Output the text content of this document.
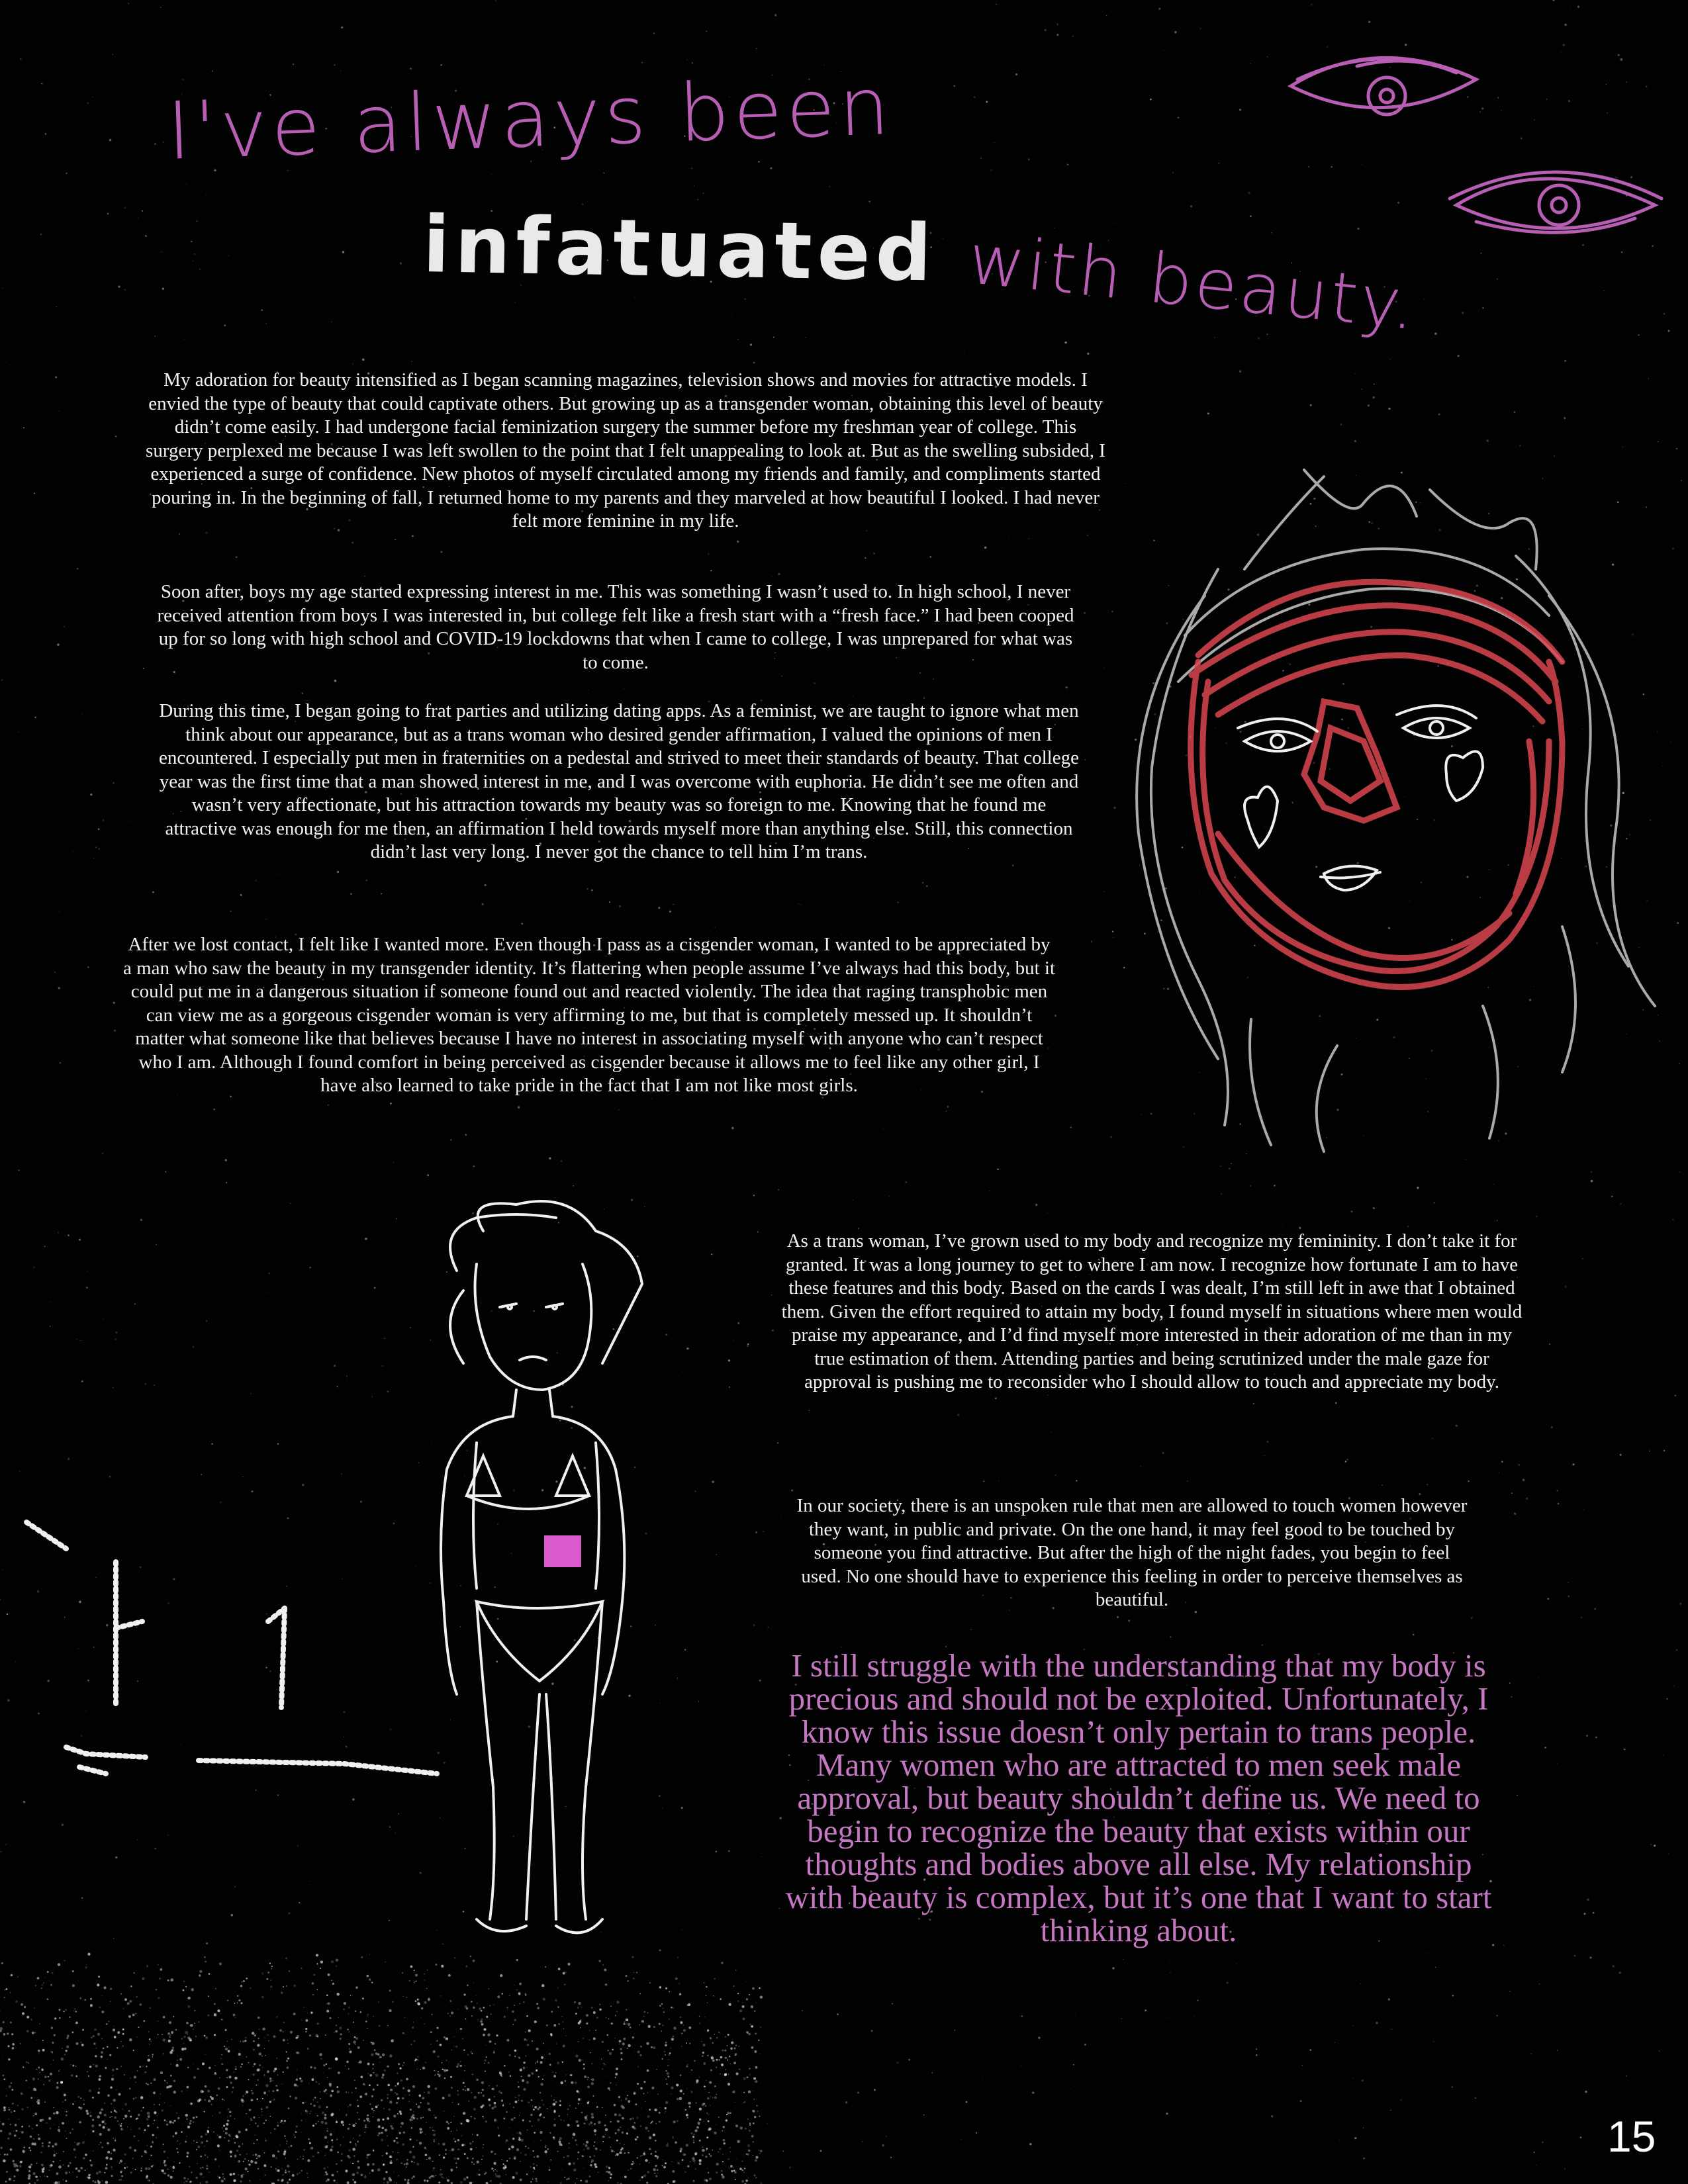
I've always been
infatuated with beauty.

My adoration for beauty intensified as I began scanning magazines, television shows and movies for attractive models. I envied the type of beauty that could captivate others. But growing up as a transgender woman, obtaining this level of beauty didn’t come easily. I had undergone facial feminization surgery the summer before my freshman year of college. This surgery perplexed me because I was left swollen to the point that I felt unappealing to look at. But as the swelling subsided, I experienced a surge of confidence. New photos of myself circulated among my friends and family, and compliments started pouring in. In the beginning of fall, I returned home to my parents and they marveled at how beautiful I looked. I had never felt more feminine in my life.

Soon after, boys my age started expressing interest in me. This was something I wasn’t used to. In high school, I never received attention from boys I was interested in, but college felt like a fresh start with a “fresh face.” I had been cooped up for so long with high school and COVID-19 lockdowns that when I came to college, I was unprepared for what was to come.

During this time, I began going to frat parties and utilizing dating apps. As a feminist, we are taught to ignore what men think about our appearance, but as a trans woman who desired gender affirmation, I valued the opinions of men I encountered. I especially put men in fraternities on a pedestal and strived to meet their standards of beauty. That college year was the first time that a man showed interest in me, and I was overcome with euphoria. He didn’t see me often and wasn’t very affectionate, but his attraction towards my beauty was so foreign to me. Knowing that he found me attractive was enough for me then, an affirmation I held towards myself more than anything else. Still, this connection didn’t last very long. I never got the chance to tell him I’m trans.

After we lost contact, I felt like I wanted more. Even though I pass as a cisgender woman, I wanted to be appreciated by a man who saw the beauty in my transgender identity. It’s flattering when people assume I’ve always had this body, but it could put me in a dangerous situation if someone found out and reacted violently. The idea that raging transphobic men can view me as a gorgeous cisgender woman is very affirming to me, but that is completely messed up. It shouldn’t matter what someone like that believes because I have no interest in associating myself with anyone who can’t respect who I am. Although I found comfort in being perceived as cisgender because it allows me to feel like any other girl, I have also learned to take pride in the fact that I am not like most girls.

As a trans woman, I’ve grown used to my body and recognize my femininity. I don’t take it for granted. It was a long journey to get to where I am now. I recognize how fortunate I am to have these features and this body. Based on the cards I was dealt, I’m still left in awe that I obtained them. Given the effort required to attain my body, I found myself in situations where men would praise my appearance, and I’d find myself more interested in their adoration of me than in my true estimation of them. Attending parties and being scrutinized under the male gaze for approval is pushing me to reconsider who I should allow to touch and appreciate my body.

In our society, there is an unspoken rule that men are allowed to touch women however they want, in public and private. On the one hand, it may feel good to be touched by someone you find attractive. But after the high of the night fades, you begin to feel used. No one should have to experience this feeling in order to perceive themselves as beautiful.

I still struggle with the understanding that my body is precious and should not be exploited. Unfortunately, I know this issue doesn’t only pertain to trans people. Many women who are attracted to men seek male approval, but beauty shouldn’t define us. We need to begin to recognize the beauty that exists within our thoughts and bodies above all else. My relationship with beauty is complex, but it’s one that I want to start thinking about.

15
